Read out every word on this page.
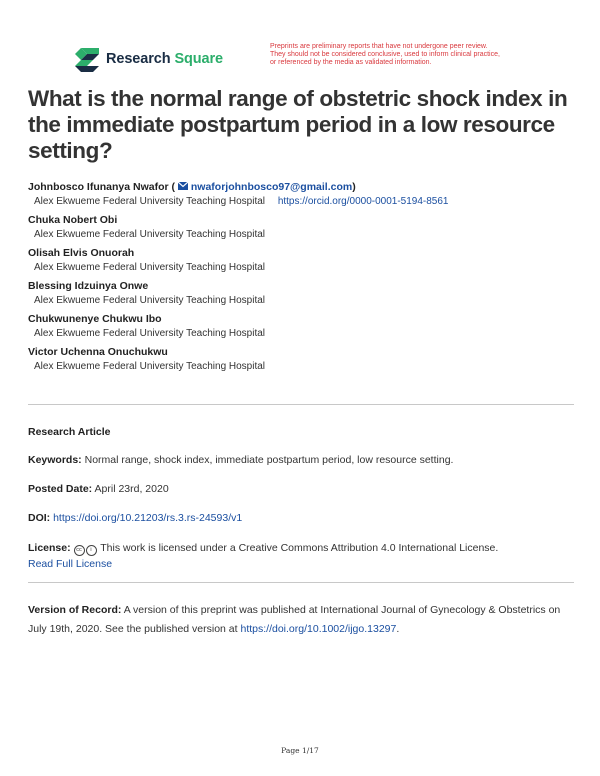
Research Square
Preprints are preliminary reports that have not undergone peer review.
They should not be considered conclusive, used to inform clinical practice,
or referenced by the media as validated information.
What is the normal range of obstetric shock index in the immediate postpartum period in a low resource setting?
Johnbosco Ifunanya Nwafor ( nwaforjohnbosco97@gmail.com)
Alex Ekwueme Federal University Teaching Hospital https://orcid.org/0000-0001-5194-8561
Chuka Nobert Obi
Alex Ekwueme Federal University Teaching Hospital
Olisah Elvis Onuorah
Alex Ekwueme Federal University Teaching Hospital
Blessing Idzuinya Onwe
Alex Ekwueme Federal University Teaching Hospital
Chukwunenye Chukwu Ibo
Alex Ekwueme Federal University Teaching Hospital
Victor Uchenna Onuchukwu
Alex Ekwueme Federal University Teaching Hospital
Research Article
Keywords: Normal range, shock index, immediate postpartum period, low resource setting.
Posted Date: April 23rd, 2020
DOI: https://doi.org/10.21203/rs.3.rs-24593/v1
License: cc i This work is licensed under a Creative Commons Attribution 4.0 International License.
Read Full License
Version of Record: A version of this preprint was published at International Journal of Gynecology & Obstetrics on July 19th, 2020. See the published version at https://doi.org/10.1002/ijgo.13297.
Page 1/17
